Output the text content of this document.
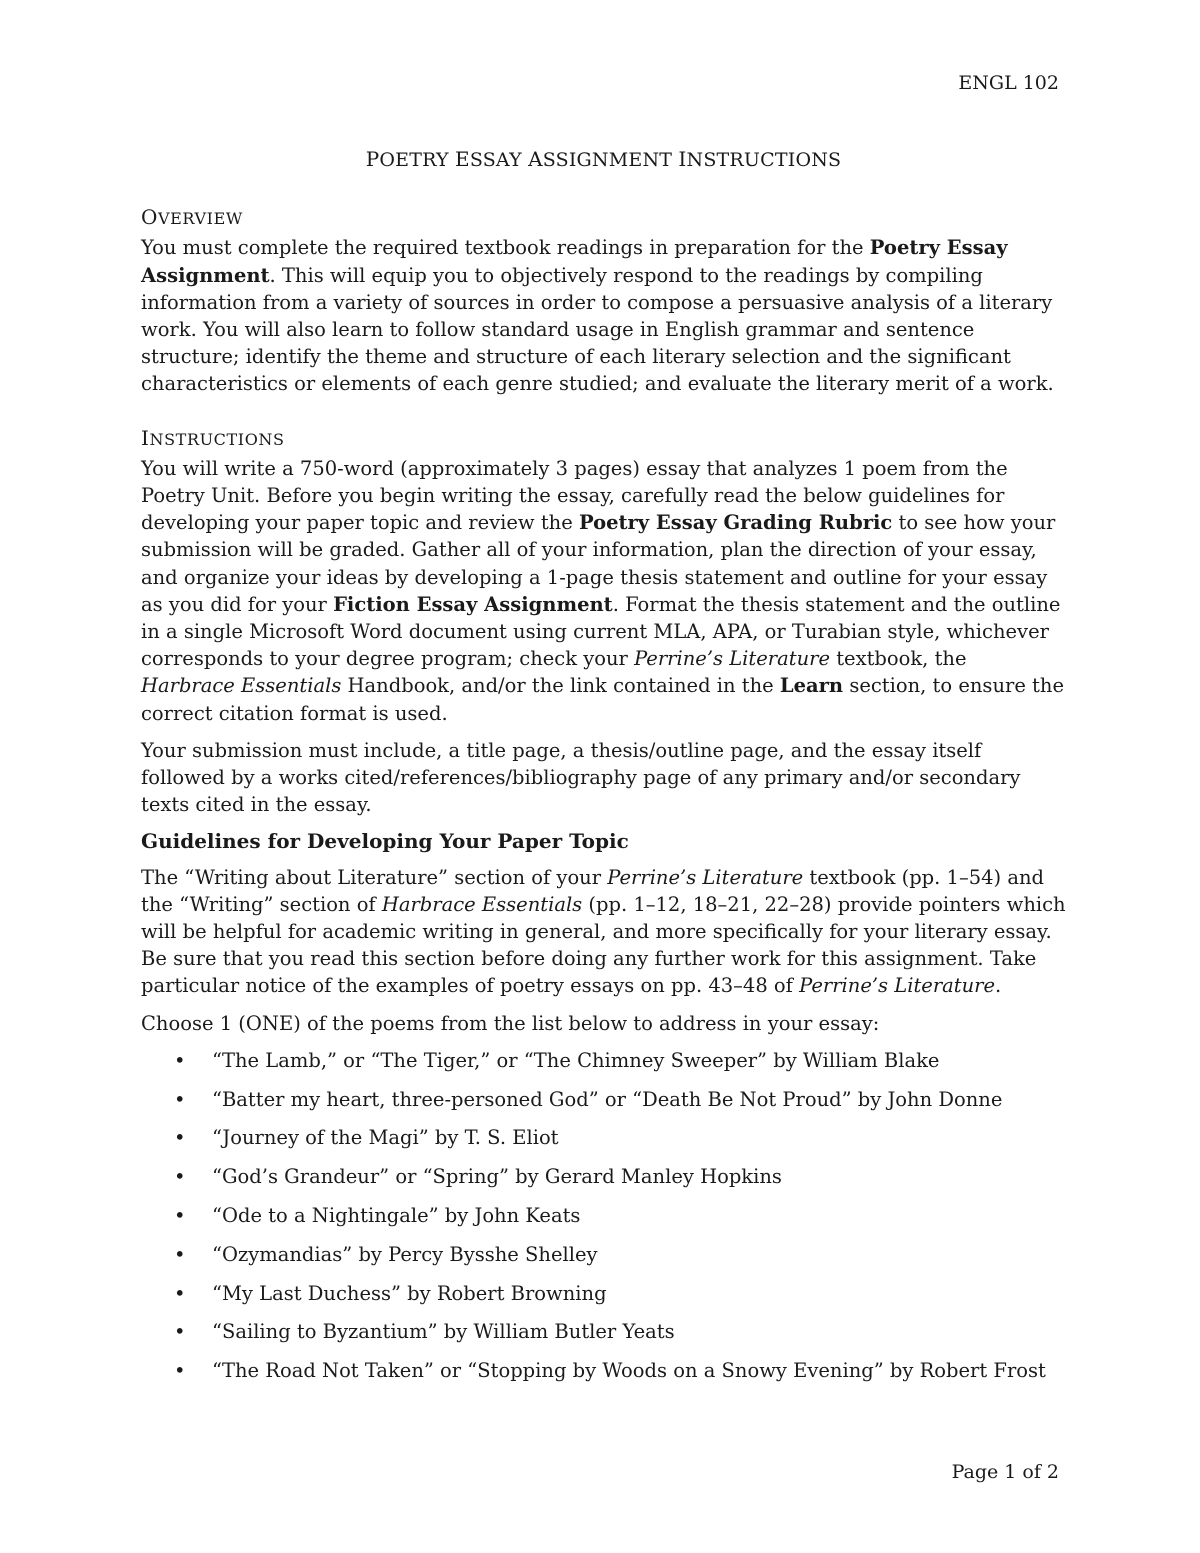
ENGL 102
POETRY ESSAY ASSIGNMENT INSTRUCTIONS
OVERVIEW

You must complete the required textbook readings in preparation for the Poetry Essay Assignment. This will equip you to objectively respond to the readings by compiling information from a variety of sources in order to compose a persuasive analysis of a literary work. You will also learn to follow standard usage in English grammar and sentence structure; identify the theme and structure of each literary selection and the significant characteristics or elements of each genre studied; and evaluate the literary merit of a work.

INSTRUCTIONS

You will write a 750-word (approximately 3 pages) essay that analyzes 1 poem from the Poetry Unit. Before you begin writing the essay, carefully read the below guidelines for developing your paper topic and review the Poetry Essay Grading Rubric to see how your submission will be graded. Gather all of your information, plan the direction of your essay, and organize your ideas by developing a 1-page thesis statement and outline for your essay as you did for your Fiction Essay Assignment. Format the thesis statement and the outline in a single Microsoft Word document using current MLA, APA, or Turabian style, whichever corresponds to your degree program; check your Perrine’s Literature textbook, the Harbrace Essentials Handbook, and/or the link contained in the Learn section, to ensure the correct citation format is used.

Your submission must include, a title page, a thesis/outline page, and the essay itself followed by a works cited/references/bibliography page of any primary and/or secondary texts cited in the essay.

Guidelines for Developing Your Paper Topic

The “Writing about Literature” section of your Perrine’s Literature textbook (pp. 1–54) and the “Writing” section of Harbrace Essentials (pp. 1–12, 18–21, 22–28) provide pointers which will be helpful for academic writing in general, and more specifically for your literary essay. Be sure that you read this section before doing any further work for this assignment. Take particular notice of the examples of poetry essays on pp. 43–48 of Perrine’s Literature.

Choose 1 (ONE) of the poems from the list below to address in your essay:

• “The Lamb,” or “The Tiger,” or “The Chimney Sweeper” by William Blake
• “Batter my heart, three-personed God” or “Death Be Not Proud” by John Donne
• “Journey of the Magi” by T. S. Eliot
• “God’s Grandeur” or “Spring” by Gerard Manley Hopkins
• “Ode to a Nightingale” by John Keats
• “Ozymandias” by Percy Bysshe Shelley
• “My Last Duchess” by Robert Browning
• “Sailing to Byzantium” by William Butler Yeats
• “The Road Not Taken” or “Stopping by Woods on a Snowy Evening” by Robert Frost
Page 1 of 2
